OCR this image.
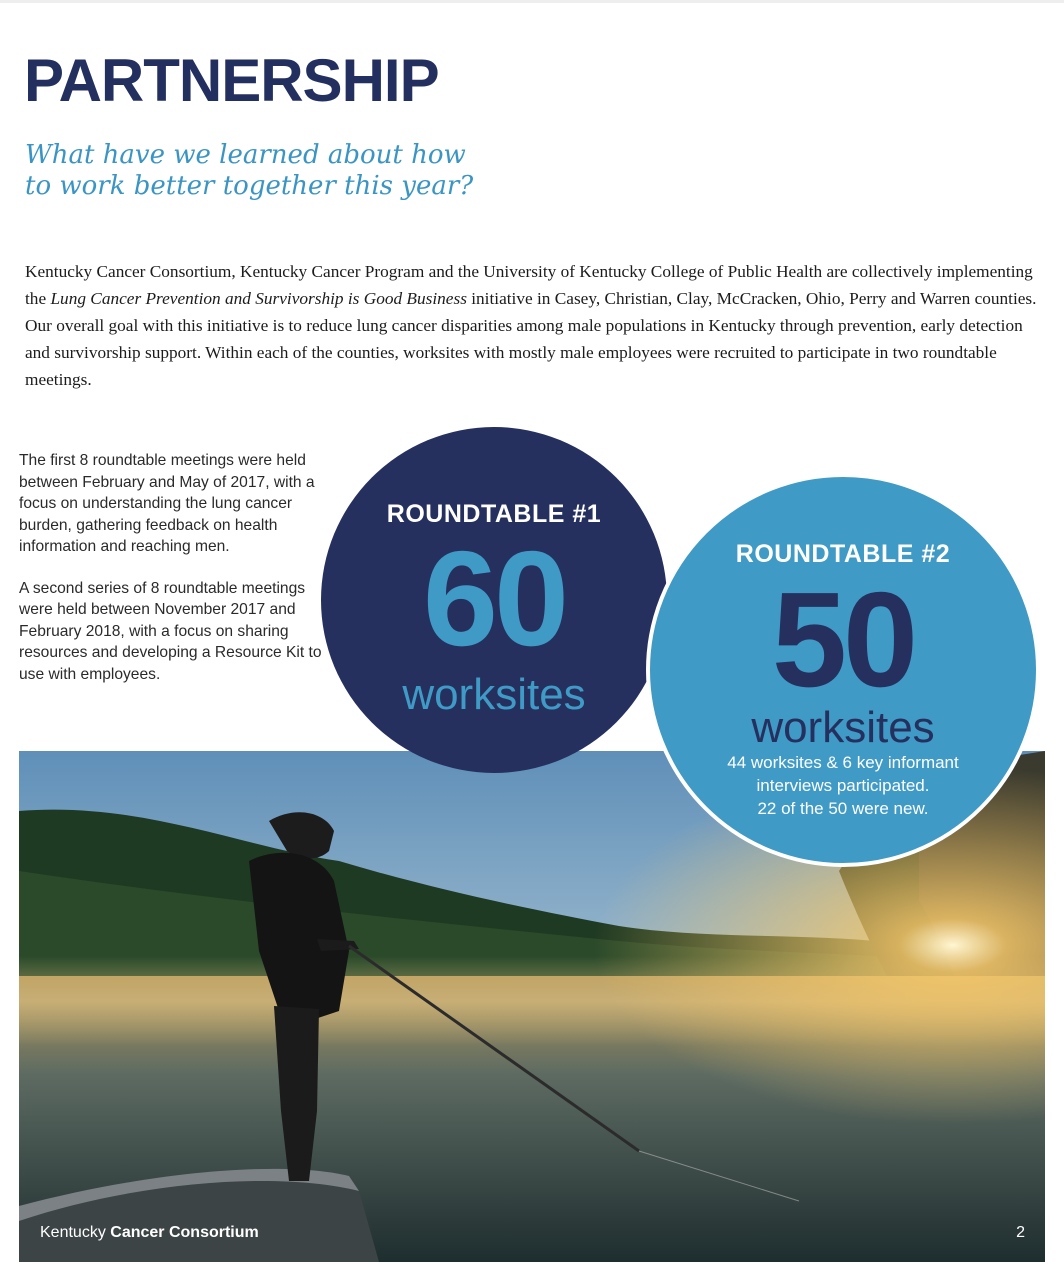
PARTNERSHIP
What have we learned about how
to work better together this year?
Kentucky Cancer Consortium, Kentucky Cancer Program and the University of Kentucky College of Public Health are collectively implementing the Lung Cancer Prevention and Survivorship is Good Business initiative in Casey, Christian, Clay, McCracken, Ohio, Perry and Warren counties. Our overall goal with this initiative is to reduce lung cancer disparities among male populations in Kentucky through prevention, early detection and survivorship support. Within each of the counties, worksites with mostly male employees were recruited to participate in two roundtable meetings.

The first 8 roundtable meetings were held between February and May of 2017, with a focus on understanding the lung cancer burden, gathering feedback on health information and reaching men.

A second series of 8 roundtable meetings were held between November 2017 and February 2018, with a focus on sharing resources and developing a Resource Kit to use with employees.

Kentucky Cancer Consortium	2
ROUNDTABLE #1
60
worksites
ROUNDTABLE #2
50
worksites
44 worksites & 6 key informant
interviews participated.
22 of the 50 were new.
